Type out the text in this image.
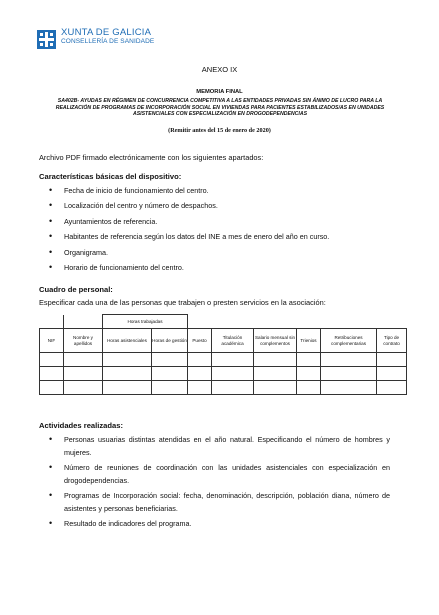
XUNTA DE GALICIA
CONSELLERÍA DE SANIDADE
ANEXO IX
MEMORIA FINAL
SA402B- AYUDAS EN RÉGIMEN DE CONCURRENCIA COMPETITIVA A LAS ENTIDADES PRIVADAS SIN ÁNIMO DE LUCRO PARA LA REALIZACIÓN DE PROGRAMAS DE INCORPORACIÓN SOCIAL EN VIVIENDAS PARA PACIENTES ESTABILIZADOS/AS EN UNIDADES ASISTENCIALES CON ESPECIALIZACIÓN EN DROGODEPENDENCIAS
(Remitir antes del 15 de enero de 2020)
Archivo PDF firmado electrónicamente con los siguientes apartados:
Características básicas del dispositivo:
• Fecha de inicio de funcionamiento del centro.
• Localización del centro y número de despachos.
• Ayuntamientos de referencia.
• Habitantes de referencia según los datos del INE a mes de enero del año en curso.
• Organigrama.
• Horario de funcionamiento del centro.
Cuadro de personal:
Especificar cada una de las personas que trabajen o presten servicios en la asociación:
		Horas trabajadas							
NIF	Nombre y apellidos	Horas asistenciales	Horas de gestión	Puesto	Titulación académica	Salario mensual sin complementos	Trienios	Retribuciones complementarias	Tipo de contrato

Actividades realizadas:
• Personas usuarias distintas atendidas en el año natural. Especificando el número de hombres y mujeres.
• Número de reuniones de coordinación con las unidades asistenciales con especialización en drogodependencias.
• Programas de Incorporación social: fecha, denominación, descripción, población diana, número de asistentes y personas beneficiarias.
• Resultado de indicadores del programa.
